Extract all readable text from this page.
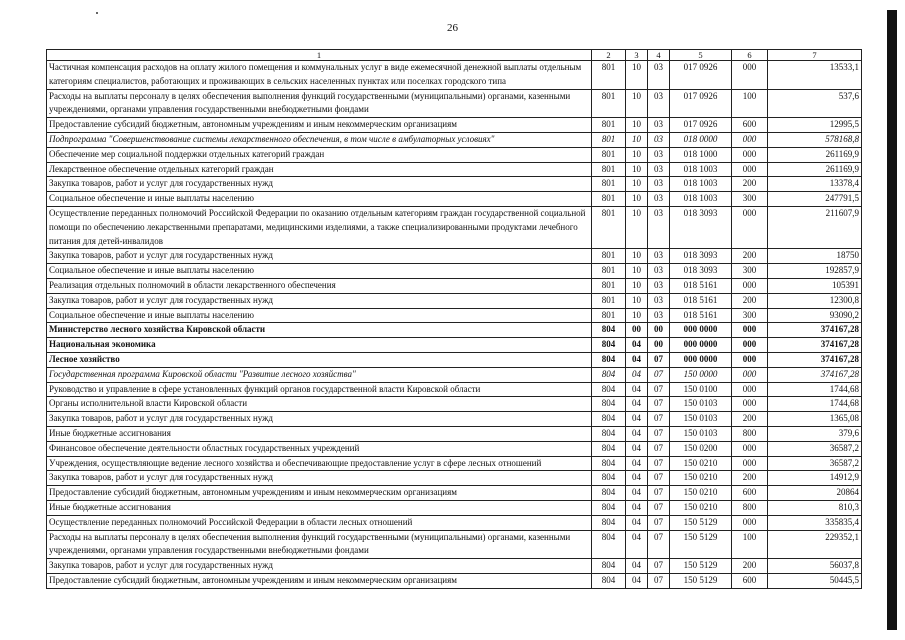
26
1	2	3	4	5	6	7
Частичная компенсация расходов на оплату жилого помещения и коммунальных услуг в виде ежемесячной денежной выплаты отдельным категориям специалистов, работающих и проживающих в сельских населенных пунктах или поселках городского типа	801	10	03	017 0926	000	13533,1
Расходы на выплаты персоналу в целях обеспечения выполнения функций государственными (муниципальными) органами, казенными учреждениями, органами управления государственными внебюджетными фондами	801	10	03	017 0926	100	537,6
Предоставление субсидий бюджетным, автономным учреждениям и иным некоммерческим организациям	801	10	03	017 0926	600	12995,5
Подпрограмма "Совершенствование системы лекарственного обеспечения, в том числе в амбулаторных условиях"	801	10	03	018 0000	000	578168,8
Обеспечение мер социальной поддержки отдельных категорий граждан	801	10	03	018 1000	000	261169,9
Лекарственное обеспечение отдельных категорий граждан	801	10	03	018 1003	000	261169,9
Закупка товаров, работ и услуг для государственных нужд	801	10	03	018 1003	200	13378,4
Социальное обеспечение и иные выплаты населению	801	10	03	018 1003	300	247791,5
Осуществление переданных полномочий Российской Федерации по оказанию отдельным категориям граждан государственной социальной помощи по обеспечению лекарственными препаратами, медицинскими изделиями, а также специализированными продуктами лечебного питания для детей-инвалидов	801	10	03	018 3093	000	211607,9
Закупка товаров, работ и услуг для государственных нужд	801	10	03	018 3093	200	18750
Социальное обеспечение и иные выплаты населению	801	10	03	018 3093	300	192857,9
Реализация отдельных полномочий в области лекарственного обеспечения	801	10	03	018 5161	000	105391
Закупка товаров, работ и услуг для государственных нужд	801	10	03	018 5161	200	12300,8
Социальное обеспечение и иные выплаты населению	801	10	03	018 5161	300	93090,2
Министерство лесного хозяйства Кировской области	804	00	00	000 0000	000	374167,28
Национальная экономика	804	04	00	000 0000	000	374167,28
Лесное хозяйство	804	04	07	000 0000	000	374167,28
Государственная программа Кировской области "Развитие лесного хозяйства"	804	04	07	150 0000	000	374167,28
Руководство и управление в сфере установленных функций органов государственной власти Кировской области	804	04	07	150 0100	000	1744,68
Органы исполнительной власти Кировской области	804	04	07	150 0103	000	1744,68
Закупка товаров, работ и услуг для государственных нужд	804	04	07	150 0103	200	1365,08
Иные бюджетные ассигнования	804	04	07	150 0103	800	379,6
Финансовое обеспечение деятельности областных государственных учреждений	804	04	07	150 0200	000	36587,2
Учреждения, осуществляющие ведение лесного хозяйства и обеспечивающие предоставление услуг в сфере лесных отношений	804	04	07	150 0210	000	36587,2
Закупка товаров, работ и услуг для государственных нужд	804	04	07	150 0210	200	14912,9
Предоставление субсидий бюджетным, автономным учреждениям и иным некоммерческим организациям	804	04	07	150 0210	600	20864
Иные бюджетные ассигнования	804	04	07	150 0210	800	810,3
Осуществление переданных полномочий Российской Федерации в области лесных отношений	804	04	07	150 5129	000	335835,4
Расходы на выплаты персоналу в целях обеспечения выполнения функций государственными (муниципальными) органами, казенными учреждениями, органами управления государственными внебюджетными фондами	804	04	07	150 5129	100	229352,1
Закупка товаров, работ и услуг для государственных нужд	804	04	07	150 5129	200	56037,8
Предоставление субсидий бюджетным, автономным учреждениям и иным некоммерческим организациям	804	04	07	150 5129	600	50445,5
